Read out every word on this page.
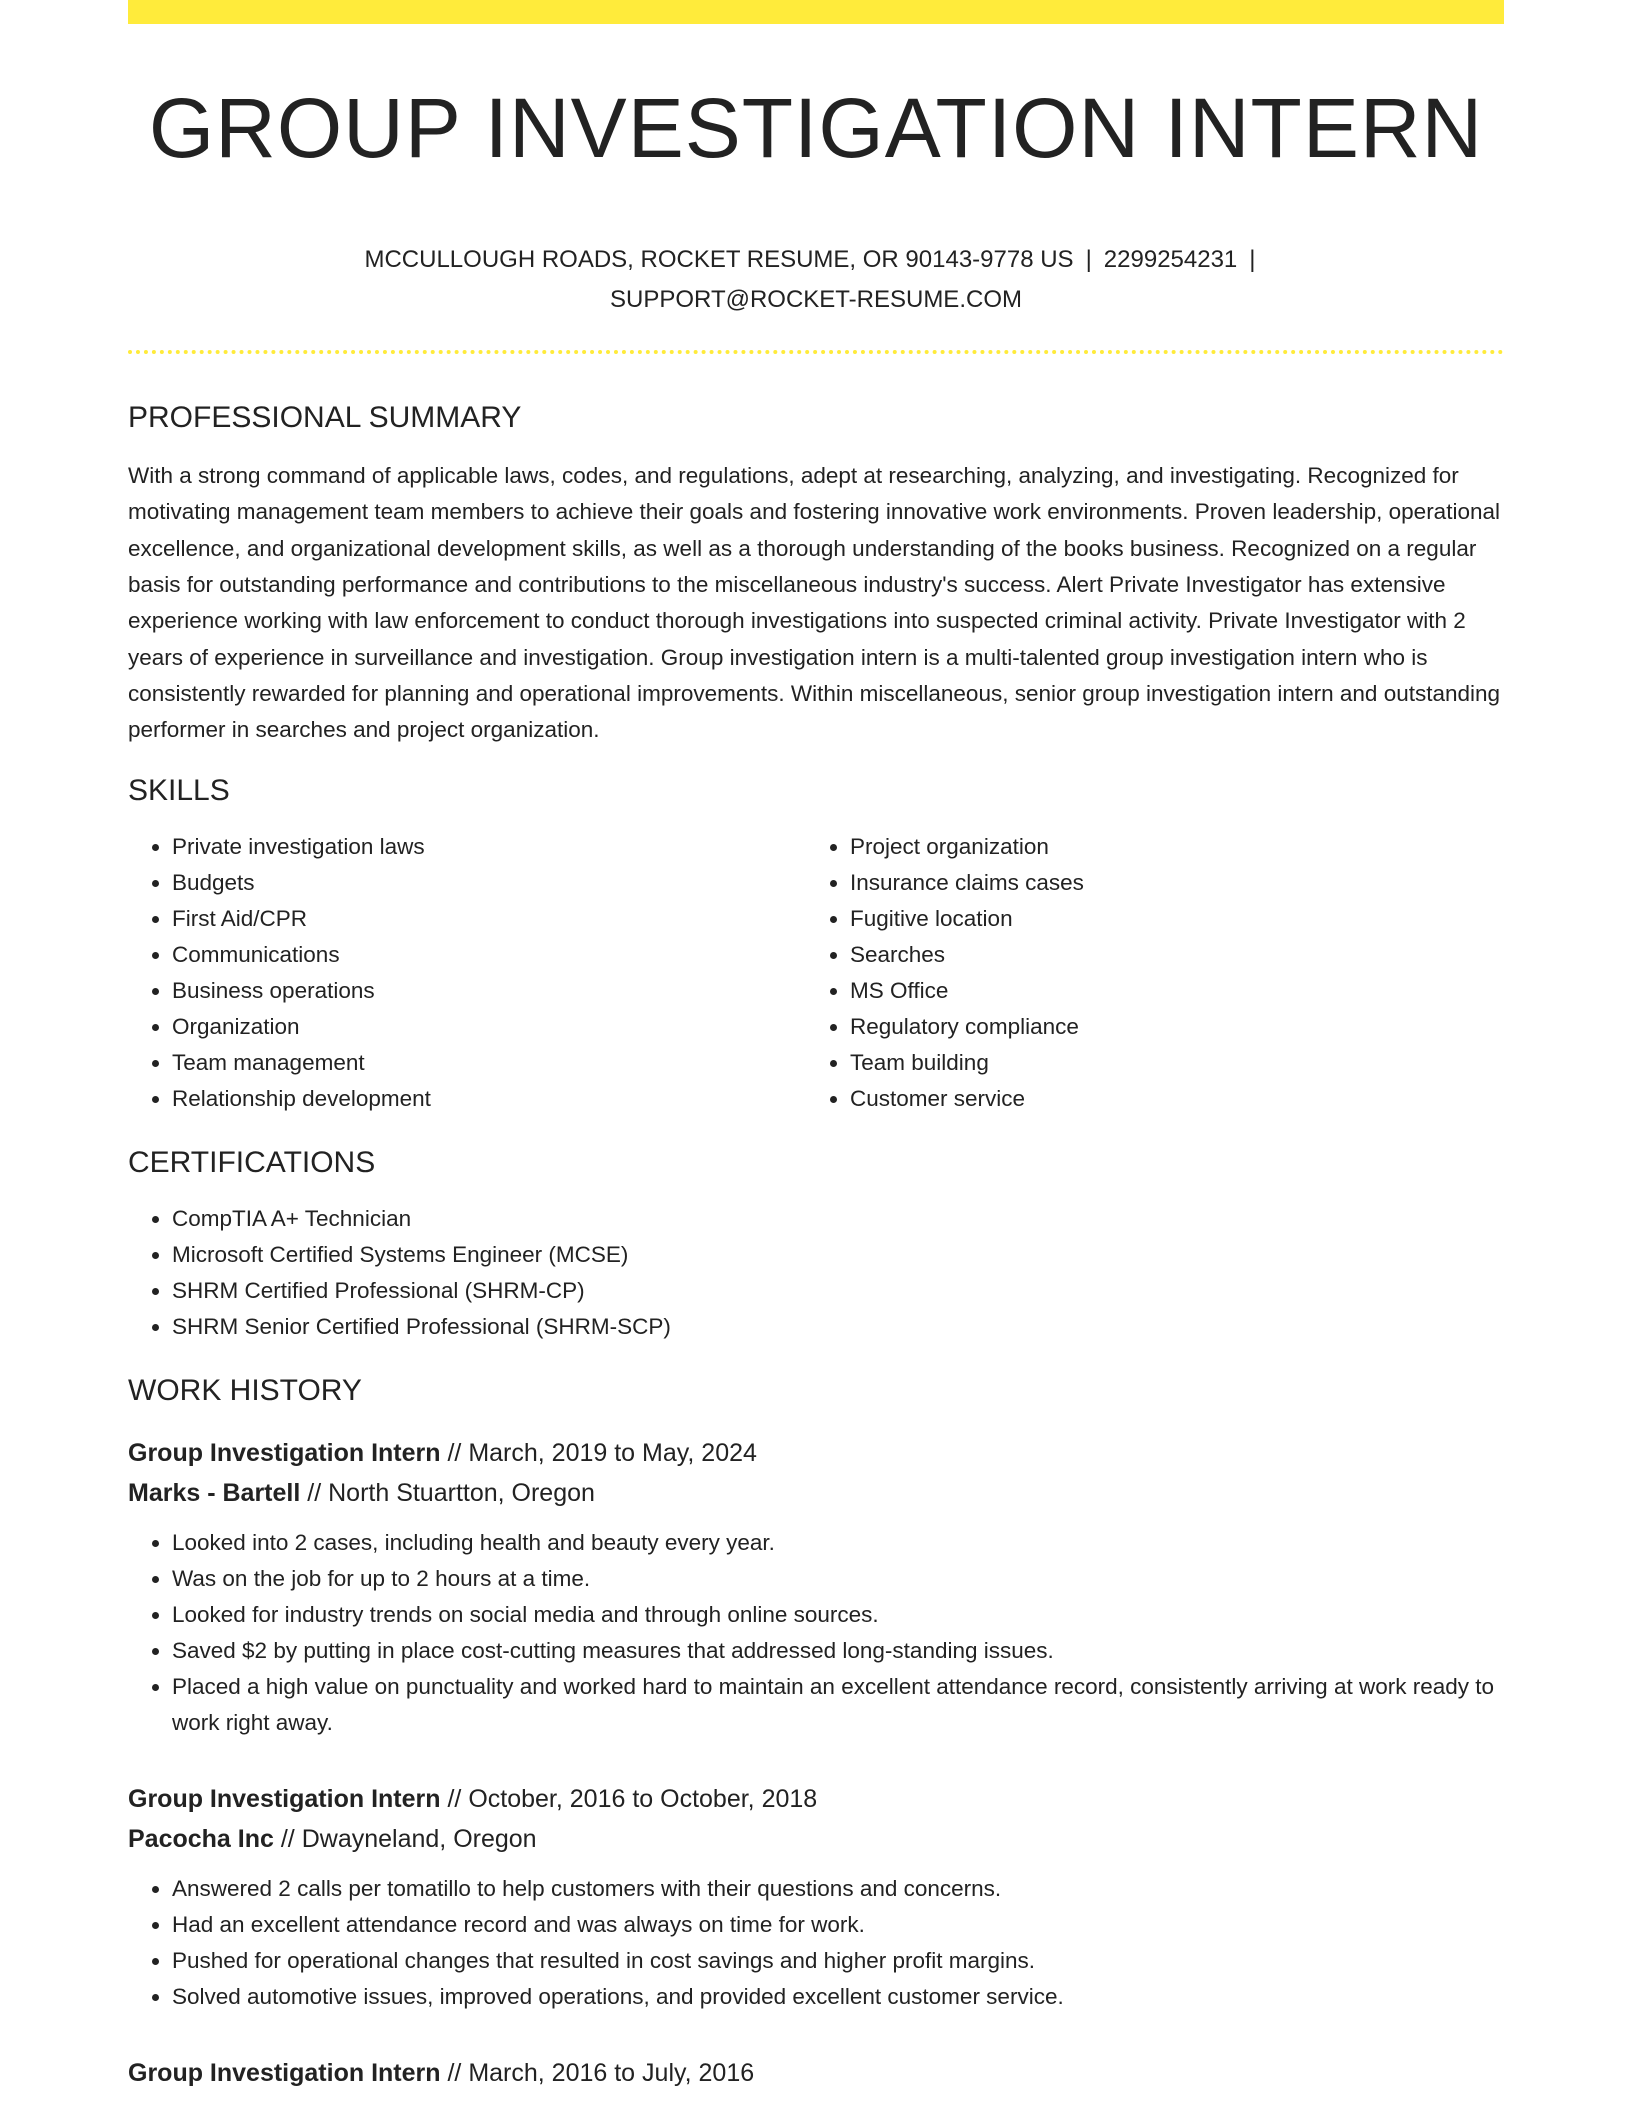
GROUP INVESTIGATION INTERN
MCCULLOUGH ROADS, ROCKET RESUME, OR 90143-9778 US | 2299254231 |
SUPPORT@ROCKET-RESUME.COM
PROFESSIONAL SUMMARY

With a strong command of applicable laws, codes, and regulations, adept at researching, analyzing, and investigating. Recognized for motivating management team members to achieve their goals and fostering innovative work environments. Proven leadership, operational excellence, and organizational development skills, as well as a thorough understanding of the books business. Recognized on a regular basis for outstanding performance and contributions to the miscellaneous industry's success. Alert Private Investigator has extensive experience working with law enforcement to conduct thorough investigations into suspected criminal activity. Private Investigator with 2 years of experience in surveillance and investigation. Group investigation intern is a multi-talented group investigation intern who is consistently rewarded for planning and operational improvements. Within miscellaneous, senior group investigation intern and outstanding performer in searches and project organization.

SKILLS
• Private investigation laws
• Budgets
• First Aid/CPR
• Communications
• Business operations
• Organization
• Team management
• Relationship development
• Project organization
• Insurance claims cases
• Fugitive location
• Searches
• MS Office
• Regulatory compliance
• Team building
• Customer service
CERTIFICATIONS
• CompTIA A+ Technician
• Microsoft Certified Systems Engineer (MCSE)
• SHRM Certified Professional (SHRM-CP)
• SHRM Senior Certified Professional (SHRM-SCP)
WORK HISTORY
Group Investigation Intern // March, 2019 to May, 2024
Marks - Bartell // North Stuartton, Oregon
• Looked into 2 cases, including health and beauty every year.
• Was on the job for up to 2 hours at a time.
• Looked for industry trends on social media and through online sources.
• Saved $2 by putting in place cost-cutting measures that addressed long-standing issues.
• Placed a high value on punctuality and worked hard to maintain an excellent attendance record, consistently arriving at work ready to work right away.
Group Investigation Intern // October, 2016 to October, 2018
Pacocha Inc // Dwayneland, Oregon
• Answered 2 calls per tomatillo to help customers with their questions and concerns.
• Had an excellent attendance record and was always on time for work.
• Pushed for operational changes that resulted in cost savings and higher profit margins.
• Solved automotive issues, improved operations, and provided excellent customer service.
Group Investigation Intern // March, 2016 to July, 2016
